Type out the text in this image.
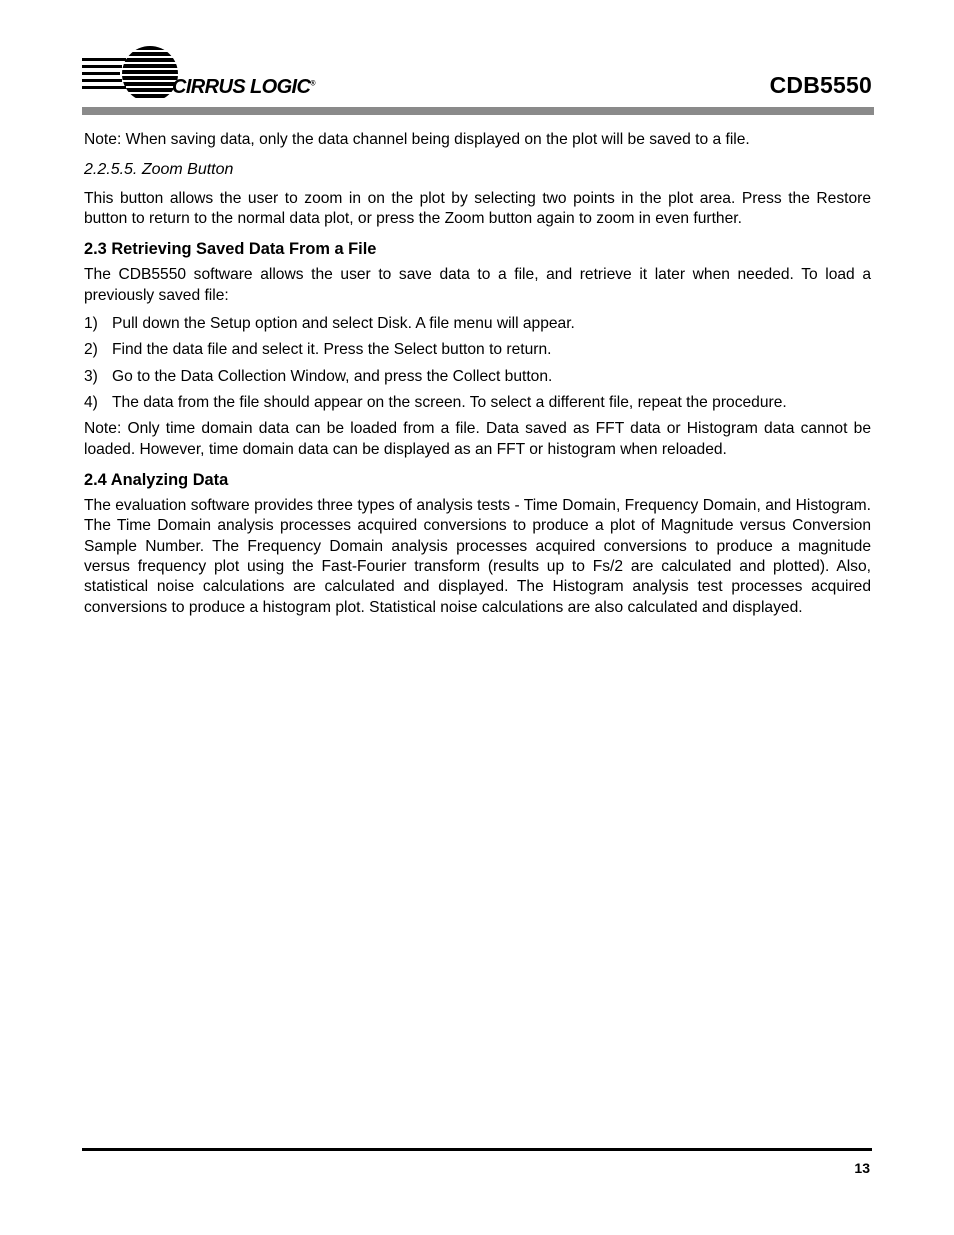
CIRRUS LOGIC®	CDB5550

Note: When saving data, only the data channel being displayed on the plot will be saved to a file.

2.2.5.5. Zoom Button

This button allows the user to zoom in on the plot by selecting two points in the plot area. Press the Restore button to return to the normal data plot, or press the Zoom button again to zoom in even further.

2.3 Retrieving Saved Data From a File

The CDB5550 software allows the user to save data to a file, and retrieve it later when needed. To load a previously saved file:

1) Pull down the Setup option and select Disk. A file menu will appear.
2) Find the data file and select it. Press the Select button to return.
3) Go to the Data Collection Window, and press the Collect button.
4) The data from the file should appear on the screen. To select a different file, repeat the procedure.

Note: Only time domain data can be loaded from a file. Data saved as FFT data or Histogram data cannot be loaded. However, time domain data can be displayed as an FFT or histogram when reloaded.

2.4 Analyzing Data

The evaluation software provides three types of analysis tests - Time Domain, Frequency Domain, and Histogram. The Time Domain analysis processes acquired conversions to produce a plot of Magnitude versus Conversion Sample Number. The Frequency Domain analysis processes acquired conversions to produce a magnitude versus frequency plot using the Fast-Fourier transform (results up to Fs/2 are calculated and plotted). Also, statistical noise calculations are calculated and displayed. The Histogram analysis test processes acquired conversions to produce a histogram plot. Statistical noise calculations are also calculated and displayed.

13
